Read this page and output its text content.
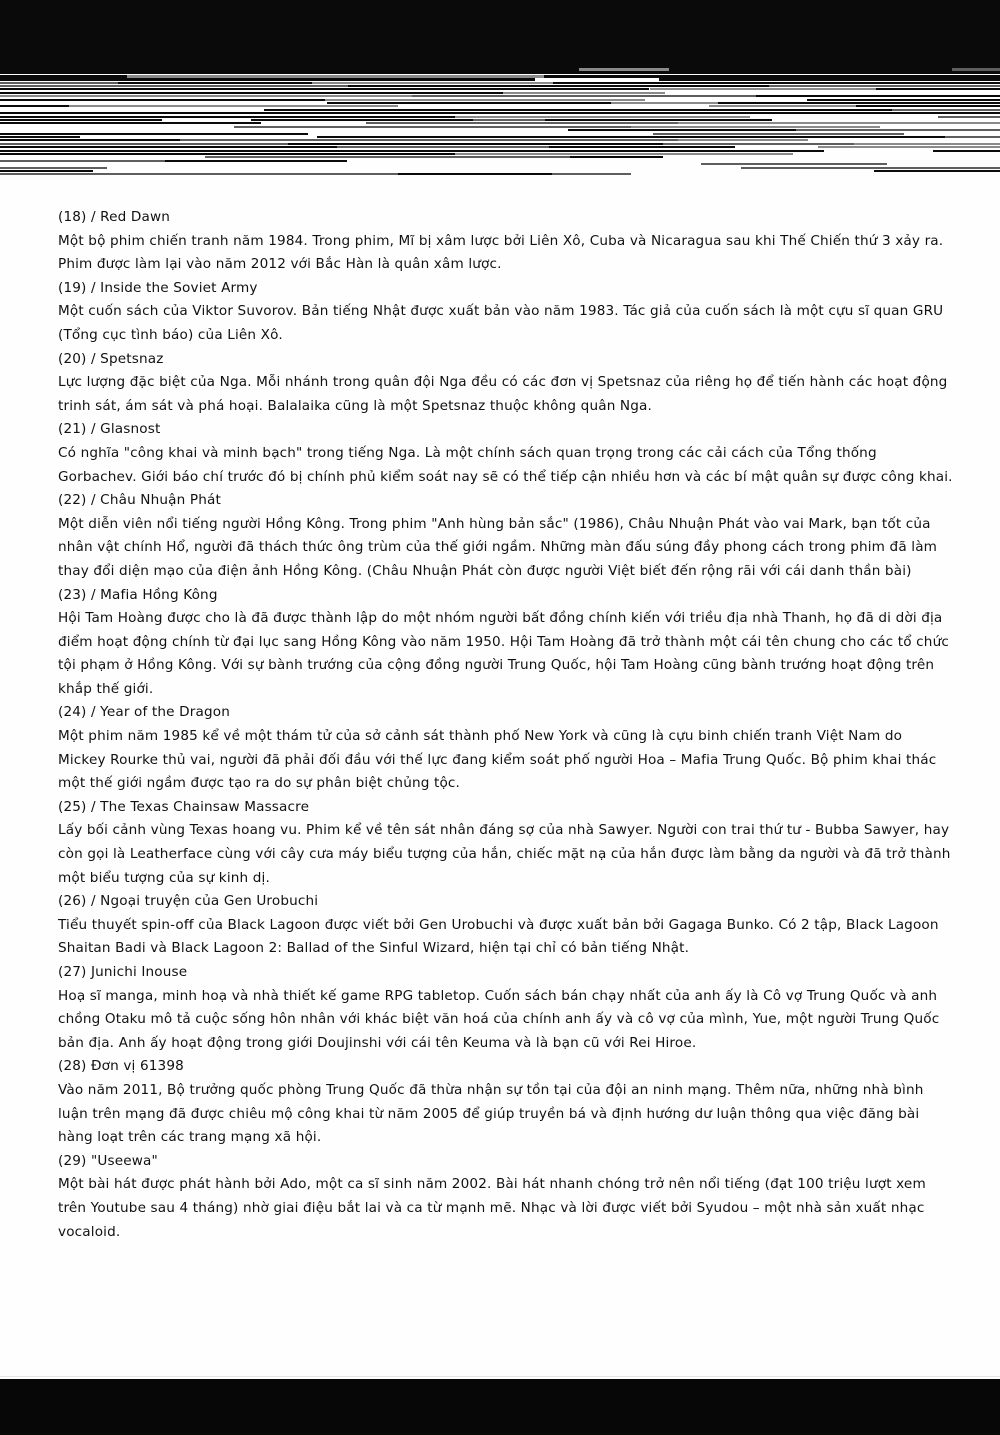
(18) / Red Dawn

Một bộ phim chiến tranh năm 1984. Trong phim, Mĩ bị xâm lược bởi Liên Xô, Cuba và Nicaragua sau khi Thế Chiến thứ 3 xảy ra. Phim được làm lại vào năm 2012 với Bắc Hàn là quân xâm lược.

(19) / Inside the Soviet Army

Một cuốn sách của Viktor Suvorov. Bản tiếng Nhật được xuất bản vào năm 1983. Tác giả của cuốn sách là một cựu sĩ quan GRU (Tổng cục tình báo) của Liên Xô.

(20) / Spetsnaz

Lực lượng đặc biệt của Nga. Mỗi nhánh trong quân đội Nga đều có các đơn vị Spetsnaz của riêng họ để tiến hành các hoạt động trinh sát, ám sát và phá hoại. Balalaika cũng là một Spetsnaz thuộc không quân Nga.

(21) / Glasnost

Có nghĩa "công khai và minh bạch" trong tiếng Nga. Là một chính sách quan trọng trong các cải cách của Tổng thống Gorbachev. Giới báo chí trước đó bị chính phủ kiểm soát nay sẽ có thể tiếp cận nhiều hơn và các bí mật quân sự được công khai.

(22) / Châu Nhuận Phát

Một diễn viên nổi tiếng người Hồng Kông. Trong phim "Anh hùng bản sắc" (1986), Châu Nhuận Phát vào vai Mark, bạn tốt của nhân vật chính Hổ, người đã thách thức ông trùm của thế giới ngầm. Những màn đấu súng đầy phong cách trong phim đã làm thay đổi diện mạo của điện ảnh Hồng Kông. (Châu Nhuận Phát còn được người Việt biết đến rộng rãi với cái danh thần bài)

(23) / Mafia Hồng Kông

Hội Tam Hoàng được cho là đã được thành lập do một nhóm người bất đồng chính kiến với triều địa nhà Thanh, họ đã di dời địa điểm hoạt động chính từ đại lục sang Hồng Kông vào năm 1950. Hội Tam Hoàng đã trở thành một cái tên chung cho các tổ chức tội phạm ở Hồng Kông. Với sự bành trướng của cộng đồng người Trung Quốc, hội Tam Hoàng cũng bành trướng hoạt động trên khắp thế giới.

(24) / Year of the Dragon

Một phim năm 1985 kể về một thám tử của sở cảnh sát thành phố New York và cũng là cựu binh chiến tranh Việt Nam do Mickey Rourke thủ vai, người đã phải đối đầu với thế lực đang kiểm soát phố người Hoa – Mafia Trung Quốc. Bộ phim khai thác một thế giới ngầm được tạo ra do sự phân biệt chủng tộc.

(25) / The Texas Chainsaw Massacre

Lấy bối cảnh vùng Texas hoang vu. Phim kể về tên sát nhân đáng sợ của nhà Sawyer. Người con trai thứ tư - Bubba Sawyer, hay còn gọi là Leatherface cùng với cây cưa máy biểu tượng của hắn, chiếc mặt nạ của hắn được làm bằng da người và đã trở thành một biểu tượng của sự kinh dị.

(26) / Ngoại truyện của Gen Urobuchi

Tiểu thuyết spin-off của Black Lagoon được viết bởi Gen Urobuchi và được xuất bản bởi Gagaga Bunko. Có 2 tập, Black Lagoon Shaitan Badi và Black Lagoon 2: Ballad of the Sinful Wizard, hiện tại chỉ có bản tiếng Nhật.

(27) Junichi Inouse

Hoạ sĩ manga, minh hoạ và nhà thiết kế game RPG tabletop. Cuốn sách bán chạy nhất của anh ấy là Cô vợ Trung Quốc và anh chồng Otaku mô tả cuộc sống hôn nhân với khác biệt văn hoá của chính anh ấy và cô vợ của mình, Yue, một người Trung Quốc bản địa. Anh ấy hoạt động trong giới Doujinshi với cái tên Keuma và là bạn cũ với Rei Hiroe.

(28) Đơn vị 61398

Vào năm 2011, Bộ trưởng quốc phòng Trung Quốc đã thừa nhận sự tồn tại của đội an ninh mạng. Thêm nữa, những nhà bình luận trên mạng đã được chiêu mộ công khai từ năm 2005 để giúp truyền bá và định hướng dư luận thông qua việc đăng bài hàng loạt trên các trang mạng xã hội.

(29) "Useewa"

Một bài hát được phát hành bởi Ado, một ca sĩ sinh năm 2002. Bài hát nhanh chóng trở nên nổi tiếng (đạt 100 triệu lượt xem trên Youtube sau 4 tháng) nhờ giai điệu bắt lai và ca từ mạnh mẽ. Nhạc và lời được viết bởi Syudou – một nhà sản xuất nhạc vocaloid.
